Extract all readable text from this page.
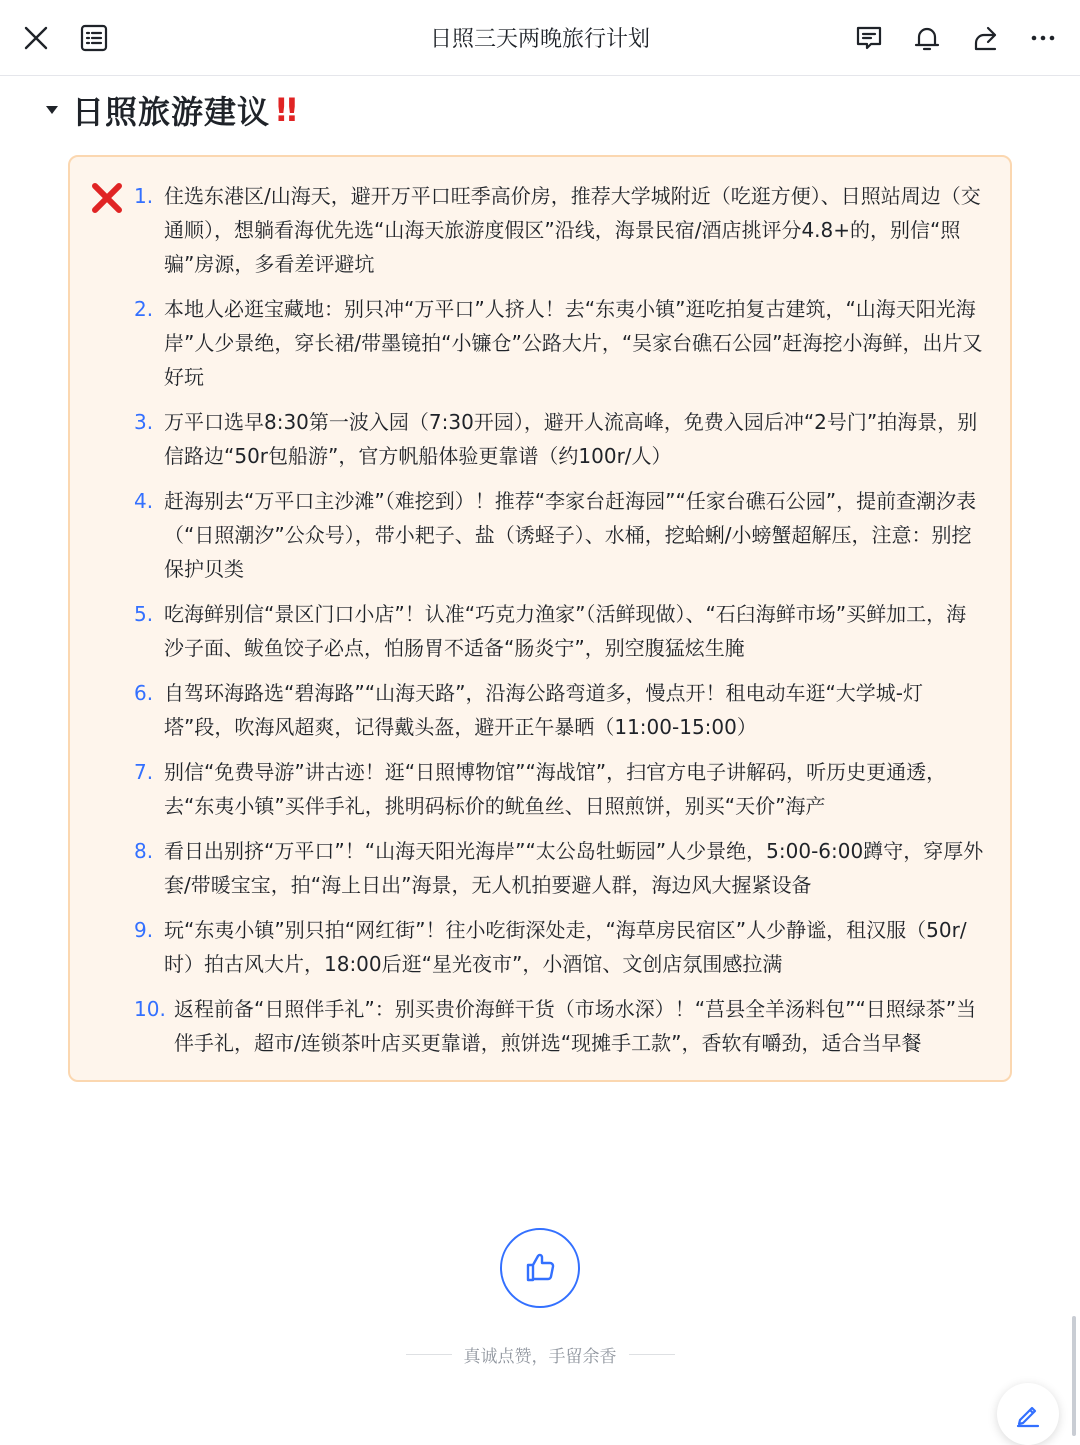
日照三天两晚旅行计划
日照旅游建议 !!
1. 住选东港区/山海天，避开万平口旺季高价房，推荐大学城附近（吃逛方便）、日照站周边（交通顺），想躺看海优先选“山海天旅游度假区”沿线，海景民宿/酒店挑评分4.8+的，别信“照骗”房源，多看差评避坑
2. 本地人必逛宝藏地：别只冲“万平口”人挤人！去“东夷小镇”逛吃拍复古建筑，“山海天阳光海岸”人少景绝，穿长裙/带墨镜拍“小镰仓”公路大片，“吴家台礁石公园”赶海挖小海鲜，出片又好玩
3. 万平口选早8:30第一波入园（7:30开园），避开人流高峰，免费入园后冲“2号门”拍海景，别信路边“50r包船游”，官方帆船体验更靠谱（约100r/人）
4. 赶海别去“万平口主沙滩”（难挖到）！推荐“李家台赶海园”“任家台礁石公园”，提前查潮汐表（“日照潮汐”公众号），带小耙子、盐（诱蛏子）、水桶，挖蛤蜊/小螃蟹超解压，注意：别挖保护贝类
5. 吃海鲜别信“景区门口小店”！认准“巧克力渔家”（活鲜现做）、“石臼海鲜市场”买鲜加工，海沙子面、鲅鱼饺子必点，怕肠胃不适备“肠炎宁”，别空腹猛炫生腌
6. 自驾环海路选“碧海路”“山海天路”，沿海公路弯道多，慢点开！租电动车逛“大学城-灯塔”段，吹海风超爽，记得戴头盔，避开正午暴晒（11:00-15:00）
7. 别信“免费导游”讲古迹！逛“日照博物馆”“海战馆”，扫官方电子讲解码，听历史更通透，去“东夷小镇”买伴手礼，挑明码标价的鱿鱼丝、日照煎饼，别买“天价”海产
8. 看日出别挤“万平口”！“山海天阳光海岸”“太公岛牡蛎园”人少景绝，5:00-6:00蹲守，穿厚外套/带暖宝宝，拍“海上日出”海景，无人机拍要避人群，海边风大握紧设备
9. 玩“东夷小镇”别只拍“网红街”！往小吃街深处走，“海草房民宿区”人少静谧，租汉服（50r/时）拍古风大片，18:00后逛“星光夜市”，小酒馆、文创店氛围感拉满
10. 返程前备“日照伴手礼”：别买贵价海鲜干货（市场水深）！“莒县全羊汤料包”“日照绿茶”当伴手礼，超市/连锁茶叶店买更靠谱，煎饼选“现摊手工款”，香软有嚼劲，适合当早餐
真诚点赞，手留余香
